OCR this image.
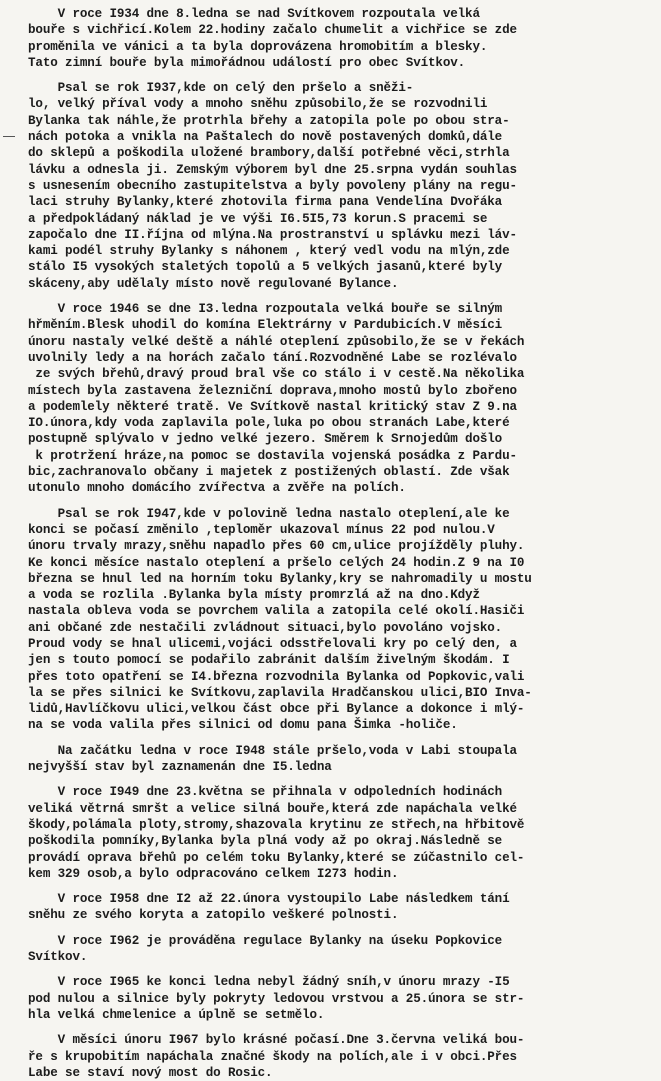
V roce I934 dne 8.ledna se nad Svítkovem rozpoutala velká
bouře s vichřicí.Kolem 22.hodiny začalo chumelit a vichřice se zde
proměnila ve vánici a ta byla doprovázena hromobitím a blesky.
Tato zimní bouře byla mimořádnou událostí pro obec Svítkov.
Psal se rok I937,kde on celý den pršelo a sněži-
lo, velký příval vody a mnoho sněhu způsobilo,že se rozvodnili
Bylanka tak náhle,že protrhla břehy a zatopila pole po obou stra-
nách potoka a vnikla na Paštalech do nově postavených domků,dále
do sklepů a poškodila uložené brambory,další potřebné věci,strhla
lávku a odnesla ji. Zemským výborem byl dne 25.srpna vydán souhlas
s usnesením obecního zastupitelstva a byly povoleny plány na regu-
laci struhy Bylanky,které zhotovila firma pana Vendelína Dvořáka
a předpokládaný náklad je ve výši I6.5I5,73 korun.S pracemi se
započalo dne II.října od mlýna.Na prostranství u splávku mezi láv-
kami podél struhy Bylanky s náhonem , který vedl vodu na mlýn,zde
stálo I5 vysokých staletých topolů a 5 velkých jasanů,které byly
skáceny,aby udělaly místo nově regulované Bylance.
V roce 1946 se dne I3.ledna rozpoutala velká bouře se silným
hřměním.Blesk uhodil do komína Elektrárny v Pardubicích.V měsíci
únoru nastaly velké deště a náhlé oteplení způsobilo,že se v řekách
uvolnily ledy a na horách začalo tání.Rozvodněné Labe se rozlévalo
ze svých břehů,dravý proud bral vše co stálo i v cestě.Na několika
místech byla zastavena železniční doprava,mnoho mostů bylo zbořeno
a podemlely některé tratě. Ve Svítkově nastal kritický stav Z 9.na
IO.února,kdy voda zaplavila pole,luka po obou stranách Labe,které
postupně splývalo v jedno velké jezero. Směrem k Srnojedům došlo
k protržení hráze,na pomoc se dostavila vojenská posádka z Pardu-
bic,zachranovalo občany i majetek z postižených oblastí. Zde však
utonulo mnoho domácího zvířectva a zvěře na polích.
Psal se rok I947,kde v polovině ledna nastalo oteplení,ale ke
konci se počasí změnilo ,teploměr ukazoval mínus 22 pod nulou.V
únoru trvaly mrazy,sněhu napadlo přes 60 cm,ulice projížděly pluhy.
Ke konci měsíce nastalo oteplení a pršelo celých 24 hodin.Z 9 na I0
března se hnul led na horním toku Bylanky,kry se nahromadily u mostu
a voda se rozlila .Bylanka byla místy promrzlá až na dno.Když
nastala obleva voda se povrchem valila a zatopila celé okolí.Hasiči
ani občané zde nestačili zvládnout situaci,bylo povoláno vojsko.
Proud vody se hnal ulicemi,vojáci odsstřelovali kry po celý den, a
jen s touto pomocí se podařilo zabránit dalším živelným škodám. I
přes toto opatření se I4.března rozvodnila Bylanka od Popkovic,vali
la se přes silnici ke Svítkovu,zaplavila Hradčanskou ulici,BIO Inva-
lidů,Havlíčkovu ulici,velkou část obce při Bylance a dokonce i mlý-
na se voda valila přes silnici od domu pana Šimka -holiče.
Na začátku ledna v roce I948 stále pršelo,voda v Labi stoupala
nejvyšší stav byl zaznamenán dne I5.ledna
V roce I949 dne 23.května se přihnala v odpoledních hodinách
veliká větrná smršt a velice silná bouře,která zde napáchala velké
škody,polámala ploty,stromy,shazovala krytinu ze střech,na hřbitově
poškodila pomníky,Bylanka byla plná vody až po okraj.Následně se
provádí oprava břehů po celém toku Bylanky,které se zúčastnilo cel-
kem 329 osob,a bylo odpracováno celkem I273 hodin.
V roce I958 dne I2 až 22.února vystoupilo Labe následkem tání
sněhu ze svého koryta a zatopilo veškeré polnosti.
V roce I962 je prováděna regulace Bylanky na úseku Popkovice
Svítkov.
V roce I965 ke konci ledna nebyl žádný sníh,v únoru mrazy -I5
pod nulou a silnice byly pokryty ledovou vrstvou a 25.února se str-
hla velká chmelenice a úplně se setmělo.
V měsíci únoru I967 bylo krásné počasí.Dne 3.června veliká bou-
ře s krupobitím napáchala značné škody na polích,ale i v obci.Přes
Labe se staví nový most do Rosic.
